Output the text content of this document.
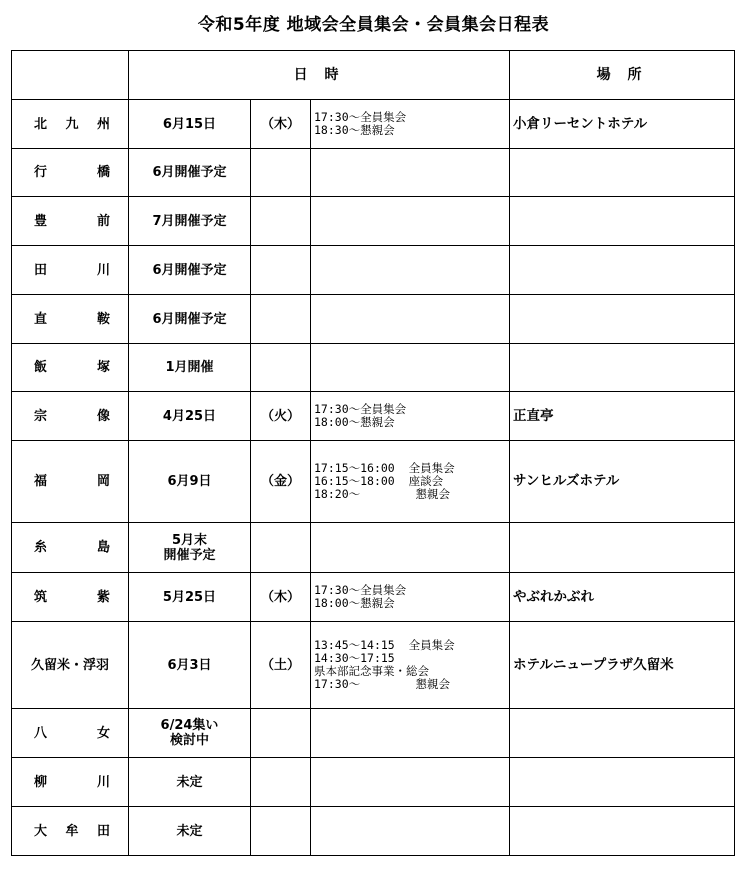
令和5年度 地域会全員集会・会員集会日程表
	日 時			場 所

北 九 州	6月15日	（木）	17:30～全員集会
18:30～懇親会	小倉リーセントホテル

行 橋	6月開催予定			

豊 前	7月開催予定			

田 川	6月開催予定			

直 鞍	6月開催予定			

飯 塚	1月開催			

宗 像	4月25日	（火）	17:30～全員集会
18:00～懇親会	正直亭

福 岡	6月9日	（金）	17:15～16:00  全員集会
16:15～18:00  座談会
18:20～        懇親会	サンヒルズホテル

糸 島	5月末
開催予定			

筑 紫	5月25日	（木）	17:30～全員集会
18:00～懇親会	やぶれかぶれ
久留米・浮羽	6月3日	（土）	13:45～14:15  全員集会
14:30～17:15
県本部記念事業・総会
17:30～        懇親会	ホテルニュープラザ久留米

八 女	6/24集い
検討中			

柳 川	未定			

大 牟 田	未定			
